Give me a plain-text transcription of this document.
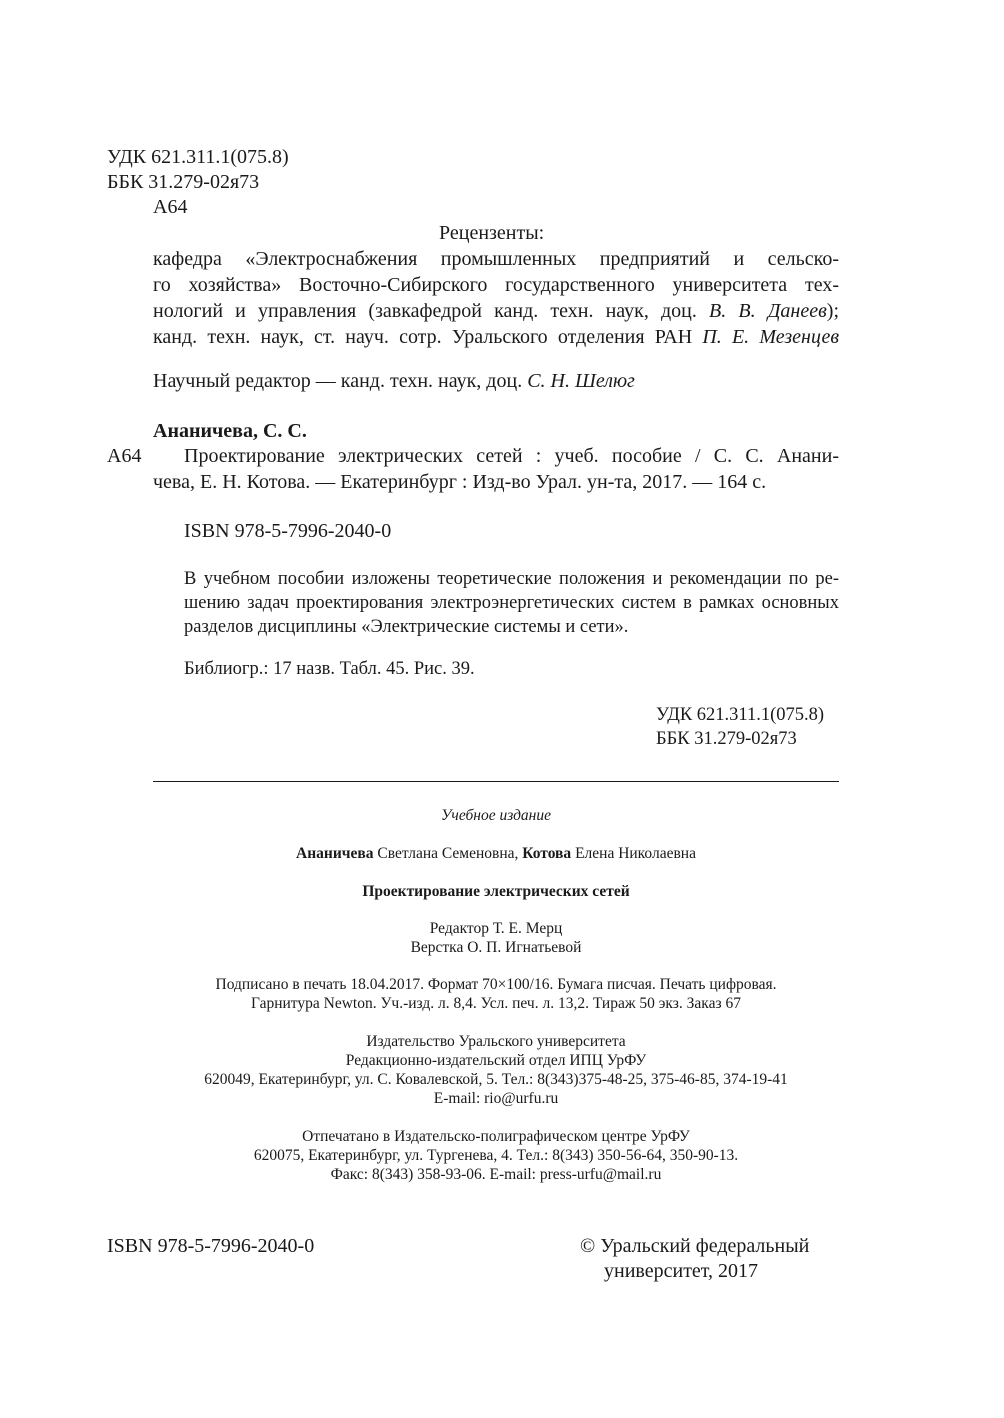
УДК 621.311.1(075.8)
ББК 31.279-02я73
А64
Рецензенты:
кафедра «Электроснабжения промышленных предприятий и сельско-
го хозяйства» Восточно-Сибирского государственного университета тех-
нологий и управления (завкафедрой канд. техн. наук, доц. В. В. Данеев);
канд. техн. наук, ст. науч. сотр. Уральского отделения РАН П. Е. Мезенцев
Научный редактор — канд. техн. наук, доц. С. Н. Шелюг
Ананичева, С. С.
А64 Проектирование электрических сетей : учеб. пособие / С. С. Анани-
чева, Е. Н. Котова. — Екатеринбург : Изд-во Урал. ун-та, 2017. — 164 с.
ISBN 978-5-7996-2040-0
В учебном пособии изложены теоретические положения и рекомендации по ре-
шению задач проектирования электроэнергетических систем в рамках основных
разделов дисциплины «Электрические системы и сети».
Библиогр.: 17 назв. Табл. 45. Рис. 39.
УДК 621.311.1(075.8)
ББК 31.279-02я73
Учебное издание
Ананичева Светлана Семеновна, Котова Елена Николаевна
Проектирование электрических сетей
Редактор Т. Е. Мерц
Верстка О. П. Игнатьевой
Подписано в печать 18.04.2017. Формат 70×100/16. Бумага писчая. Печать цифровая.
Гарнитура Newton. Уч.-изд. л. 8,4. Усл. печ. л. 13,2. Тираж 50 экз. Заказ 67
Издательство Уральского университета
Редакционно-издательский отдел ИПЦ УрФУ
620049, Екатеринбург, ул. С. Ковалевской, 5. Тел.: 8(343)375-48-25, 375-46-85, 374-19-41
E-mail: rio@urfu.ru
Отпечатано в Издательско-полиграфическом центре УрФУ
620075, Екатеринбург, ул. Тургенева, 4. Тел.: 8(343) 350-56-64, 350-90-13.
Факс: 8(343) 358-93-06. E-mail: press-urfu@mail.ru
ISBN 978-5-7996-2040-0	© Уральский федеральный
университет, 2017
